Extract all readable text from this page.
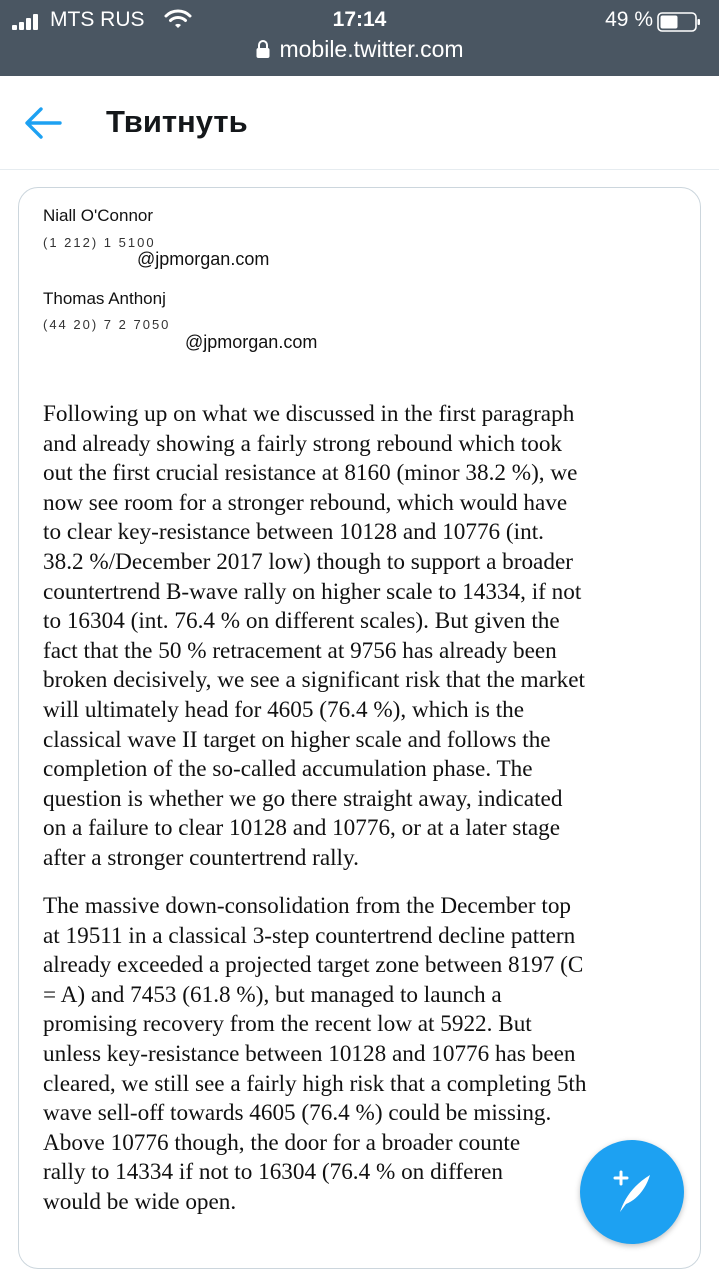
MTS RUS	17:14	49 %
mobile.twitter.com
Твитнуть
Niall O'Connor
(1 212) 1 5100
@jpmorgan.com
Thomas Anthonj
(44 20) 7 2 7050
@jpmorgan.com
Following up on what we discussed in the first paragraph
and already showing a fairly strong rebound which took
out the first crucial resistance at 8160 (minor 38.2 %), we
now see room for a stronger rebound, which would have
to clear key-resistance between 10128 and 10776 (int.
38.2 %/December 2017 low) though to support a broader
countertrend B-wave rally on higher scale to 14334, if not
to 16304 (int. 76.4 % on different scales). But given the
fact that the 50 % retracement at 9756 has already been
broken decisively, we see a significant risk that the market
will ultimately head for 4605 (76.4 %), which is the
classical wave II target on higher scale and follows the
completion of the so-called accumulation phase. The
question is whether we go there straight away, indicated
on a failure to clear 10128 and 10776, or at a later stage
after a stronger countertrend rally.
The massive down-consolidation from the December top
at 19511 in a classical 3-step countertrend decline pattern
already exceeded a projected target zone between 8197 (C
= A) and 7453 (61.8 %), but managed to launch a
promising recovery from the recent low at 5922. But
unless key-resistance between 10128 and 10776 has been
cleared, we still see a fairly high risk that a completing 5th
wave sell-off towards 4605 (76.4 %) could be missing.
Above 10776 though, the door for a broader counte
rally to 14334 if not to 16304 (76.4 % on differen
would be wide open.
